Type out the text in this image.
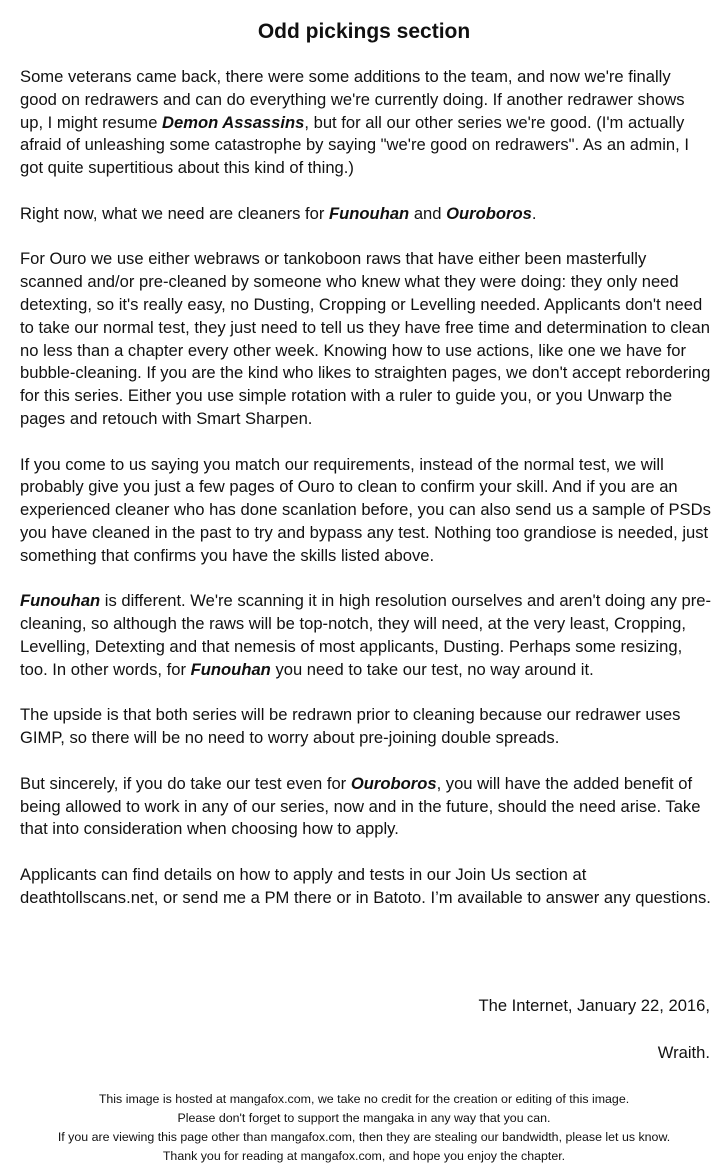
Odd pickings section

Some veterans came back, there were some additions to the team, and now we're finally good on redrawers and can do everything we're currently doing. If another redrawer shows up, I might resume Demon Assassins, but for all our other series we're good. (I'm actually afraid of unleashing some catastrophe by saying "we're good on redrawers". As an admin, I got quite supertitious about this kind of thing.)

Right now, what we need are cleaners for Funouhan and Ouroboros.

For Ouro we use either webraws or tankoboon raws that have either been masterfully scanned and/or pre-cleaned by someone who knew what they were doing: they only need detexting, so it's really easy, no Dusting, Cropping or Levelling needed. Applicants don't need to take our normal test, they just need to tell us they have free time and determination to clean no less than a chapter every other week. Knowing how to use actions, like one we have for bubble-cleaning. If you are the kind who likes to straighten pages, we don't accept rebordering for this series. Either you use simple rotation with a ruler to guide you, or you Unwarp the pages and retouch with Smart Sharpen.

If you come to us saying you match our requirements, instead of the normal test, we will probably give you just a few pages of Ouro to clean to confirm your skill. And if you are an experienced cleaner who has done scanlation before, you can also send us a sample of PSDs you have cleaned in the past to try and bypass any test. Nothing too grandiose is needed, just something that confirms you have the skills listed above.

Funouhan is different. We're scanning it in high resolution ourselves and aren't doing any pre-cleaning, so although the raws will be top-notch, they will need, at the very least, Cropping, Levelling, Detexting and that nemesis of most applicants, Dusting. Perhaps some resizing, too. In other words, for Funouhan you need to take our test, no way around it.

The upside is that both series will be redrawn prior to cleaning because our redrawer uses GIMP, so there will be no need to worry about pre-joining double spreads.

But sincerely, if you do take our test even for Ouroboros, you will have the added benefit of being allowed to work in any of our series, now and in the future, should the need arise. Take that into consideration when choosing how to apply.

Applicants can find details on how to apply and tests in our Join Us section at deathtollscans.net, or send me a PM there or in Batoto. I’m available to answer any questions.

The Internet, January 22, 2016,
Wraith.
This image is hosted at mangafox.com, we take no credit for the creation or editing of this image.
Please don't forget to support the mangaka in any way that you can.
If you are viewing this page other than mangafox.com, then they are stealing our bandwidth, please let us know.
Thank you for reading at mangafox.com, and hope you enjoy the chapter.
